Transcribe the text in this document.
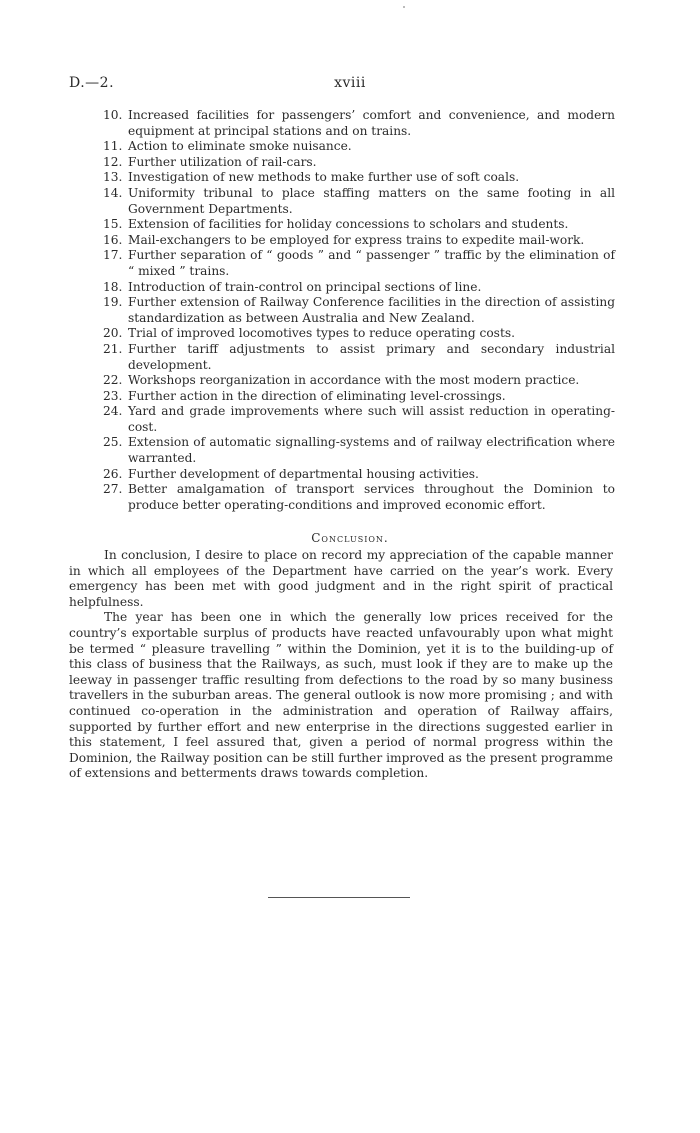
D.—2.	xviii
10. Increased facilities for passengers’ comfort and convenience, and modern equipment at principal stations and on trains.
11. Action to eliminate smoke nuisance.
12. Further utilization of rail-cars.
13. Investigation of new methods to make further use of soft coals.
14. Uniformity tribunal to place staffing matters on the same footing in all Government Departments.
15. Extension of facilities for holiday concessions to scholars and students.
16. Mail-exchangers to be employed for express trains to expedite mail-work.
17. Further separation of “ goods ” and “ passenger ” traffic by the elimination of “ mixed ” trains.
18. Introduction of train-control on principal sections of line.
19. Further extension of Railway Conference facilities in the direction of assisting standardization as between Australia and New Zealand.
20. Trial of improved locomotives types to reduce operating costs.
21. Further tariff adjustments to assist primary and secondary industrial development.
22. Workshops reorganization in accordance with the most modern practice.
23. Further action in the direction of eliminating level-crossings.
24. Yard and grade improvements where such will assist reduction in operating-cost.
25. Extension of automatic signalling-systems and of railway electrification where warranted.
26. Further development of departmental housing activities.
27. Better amalgamation of transport services throughout the Dominion to produce better operating-conditions and improved economic effort.
Conclusion.

In conclusion, I desire to place on record my appreciation of the capable manner in which all employees of the Department have carried on the year’s work. Every emergency has been met with good judgment and in the right spirit of practical helpfulness.

The year has been one in which the generally low prices received for the country’s exportable surplus of products have reacted unfavourably upon what might be termed “ pleasure travelling ” within the Dominion, yet it is to the building-up of this class of business that the Railways, as such, must look if they are to make up the leeway in passenger traffic resulting from defections to the road by so many business travellers in the suburban areas. The general outlook is now more promising ; and with continued co-operation in the administration and operation of Railway affairs, supported by further effort and new enterprise in the directions suggested earlier in this statement, I feel assured that, given a period of normal progress within the Dominion, the Railway position can be still further improved as the present programme of extensions and betterments draws towards completion.
